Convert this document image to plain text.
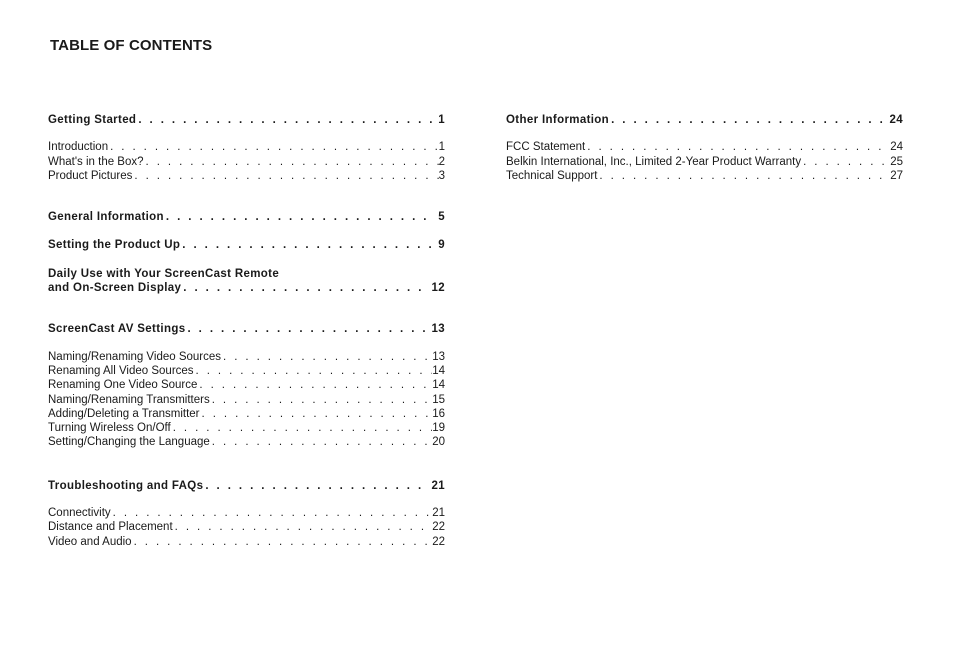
TABLE OF CONTENTS
Getting Started . . .	1
Introduction . . .	1
What's in the Box? . . .	2
Product Pictures . . .	3
General Information . . .	5
Setting the Product Up . . .	9
Daily Use with Your ScreenCast Remote
and On-Screen Display . . .	12
ScreenCast AV Settings . . .	13
Naming/Renaming Video Sources . . .	13
Renaming All Video Sources . . .	14
Renaming One Video Source . . .	14
Naming/Renaming Transmitters . . .	15
Adding/Deleting a Transmitter . . .	16
Turning Wireless On/Off . . .	19
Setting/Changing the Language . . .	20
Troubleshooting and FAQs . . .	21
Connectivity . . .	21
Distance and Placement . . .	22
Video and Audio . . .	22
Other Information . . .	24
FCC Statement . . .	24
Belkin International, Inc., Limited 2-Year Product Warranty . . .	25
Technical Support . . .	27
